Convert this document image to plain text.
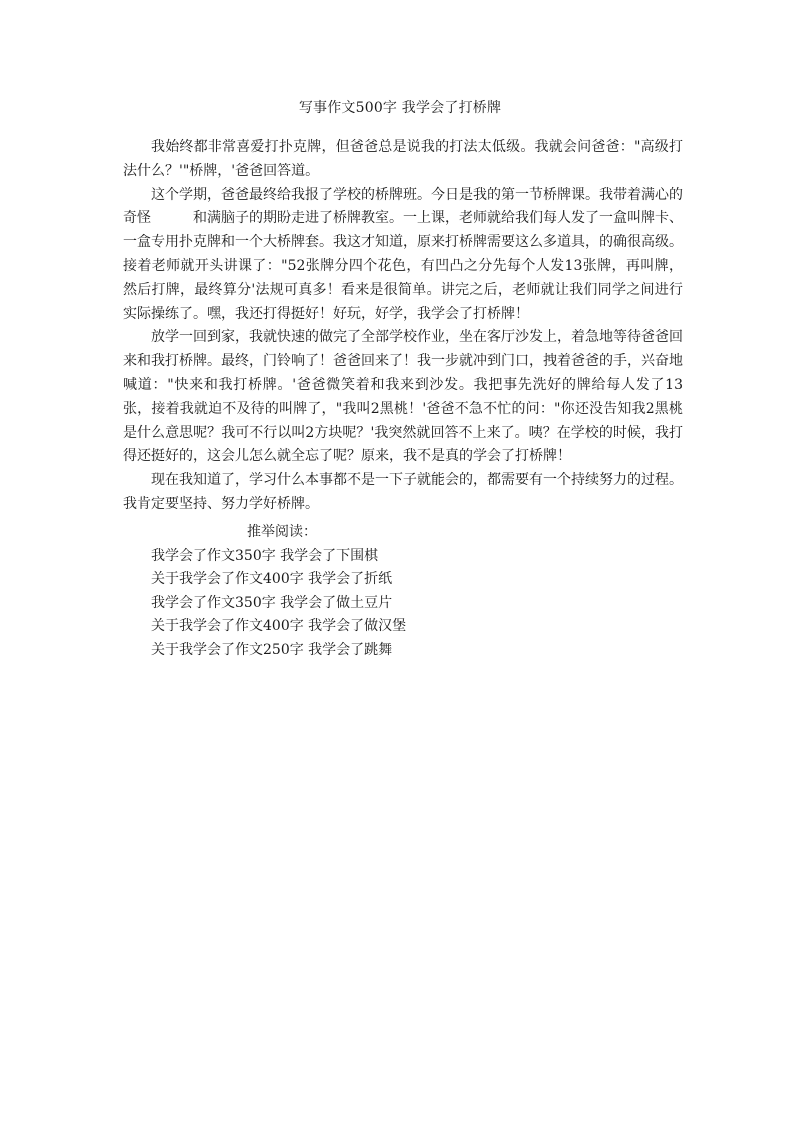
写事作文500字 我学会了打桥牌

我始终都非常喜爱打扑克牌，但爸爸总是说我的打法太低级。我就会问爸爸："高级打法什么？'"桥牌，'爸爸回答道。

这个学期，爸爸最终给我报了学校的桥牌班。今日是我的第一节桥牌课。我带着满心的奇怪　　　和满脑子的期盼走进了桥牌教室。一上课，老师就给我们每人发了一盒叫牌卡、一盒专用扑克牌和一个大桥牌套。我这才知道，原来打桥牌需要这么多道具，的确很高级。接着老师就开头讲课了："52张牌分四个花色，有凹凸之分先每个人发13张牌，再叫牌，然后打牌，最终算分'法规可真多！看来是很简单。讲完之后，老师就让我们同学之间进行实际操练了。嘿，我还打得挺好！好玩，好学，我学会了打桥牌！

放学一回到家，我就快速的做完了全部学校作业，坐在客厅沙发上，着急地等待爸爸回来和我打桥牌。最终，门铃响了！爸爸回来了！我一步就冲到门口，拽着爸爸的手，兴奋地喊道："快来和我打桥牌。'爸爸微笑着和我来到沙发。我把事先洗好的牌给每人发了13张，接着我就迫不及待的叫牌了，"我叫2黑桃！'爸爸不急不忙的问："你还没告知我2黑桃是什么意思呢？我可不行以叫2方块呢？'我突然就回答不上来了。咦？在学校的时候，我打得还挺好的，这会儿怎么就全忘了呢？原来，我不是真的学会了打桥牌！

现在我知道了，学习什么本事都不是一下子就能会的，都需要有一个持续努力的过程。我肯定要坚持、努力学好桥牌。

推举阅读：

我学会了作文350字 我学会了下围棋
关于我学会了作文400字 我学会了折纸
我学会了作文350字 我学会了做土豆片
关于我学会了作文400字 我学会了做汉堡
关于我学会了作文250字 我学会了跳舞
